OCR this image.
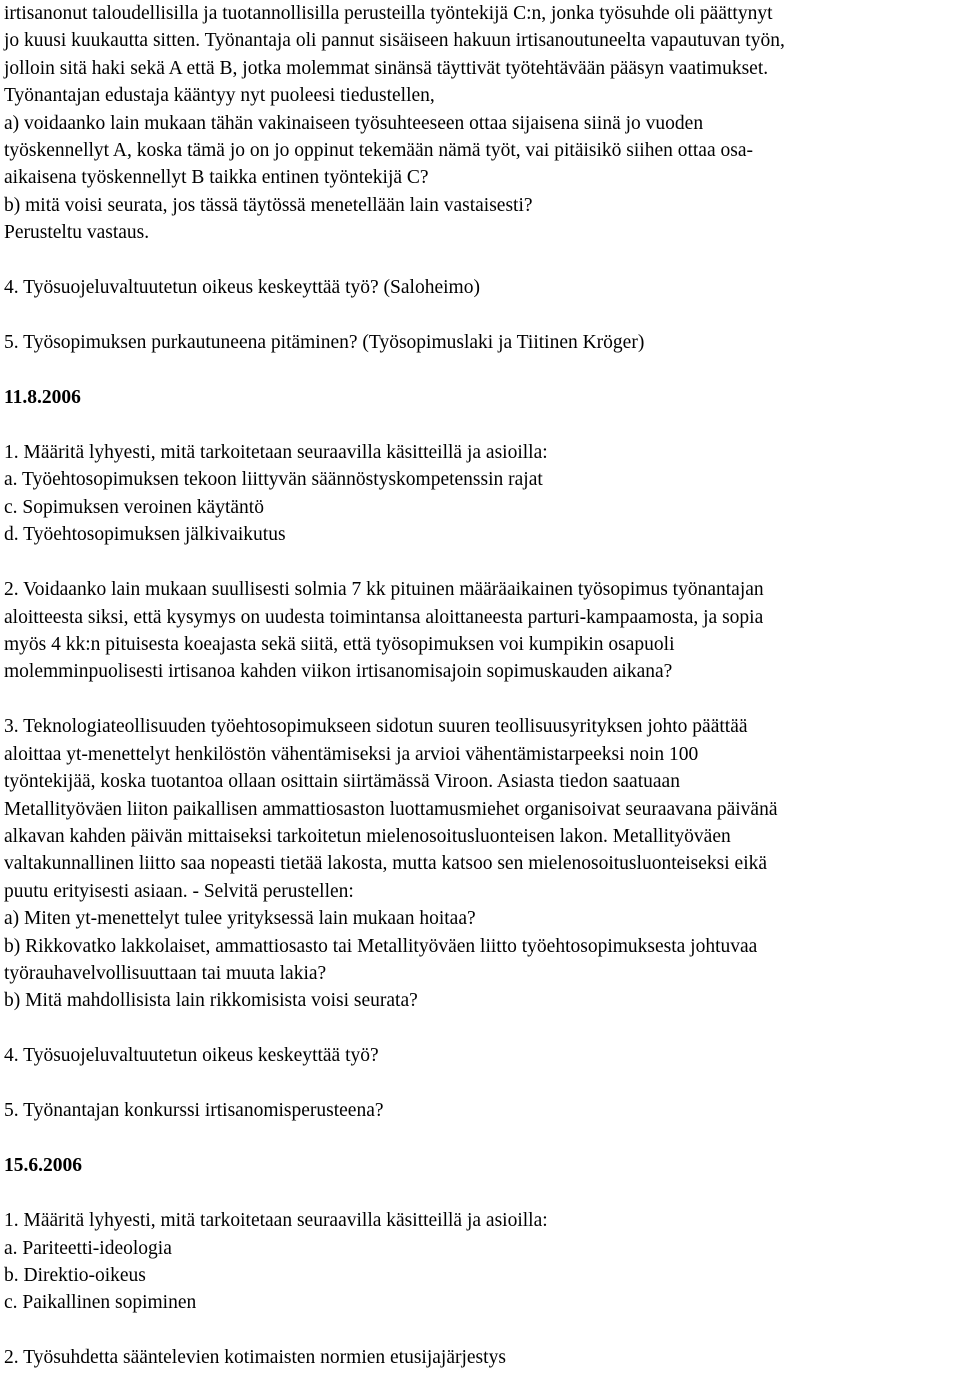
irtisanonut taloudellisilla ja tuotannollisilla perusteilla työntekijä C:n, jonka työsuhde oli päättynyt

jo kuusi kuukautta sitten. Työnantaja oli pannut sisäiseen hakuun irtisanoutuneelta vapautuvan työn,

jolloin sitä haki sekä A että B, jotka molemmat sinänsä täyttivät työtehtävään pääsyn vaatimukset.

Työnantajan edustaja kääntyy nyt puoleesi tiedustellen,

a) voidaanko lain mukaan tähän vakinaiseen työsuhteeseen ottaa sijaisena siinä jo vuoden

työskennellyt A, koska tämä jo on jo oppinut tekemään nämä työt, vai pitäisikö siihen ottaa osa-

aikaisena työskennellyt B taikka entinen työntekijä C?

b) mitä voisi seurata, jos tässä täytössä menetellään lain vastaisesti?

Perusteltu vastaus.

4. Työsuojeluvaltuutetun oikeus keskeyttää työ? (Saloheimo)

5. Työsopimuksen purkautuneena pitäminen? (Työsopimuslaki ja Tiitinen Kröger)

11.8.2006

1. Määritä lyhyesti, mitä tarkoitetaan seuraavilla käsitteillä ja asioilla:

a. Työehtosopimuksen tekoon liittyvän säännöstyskompetenssin rajat

c. Sopimuksen veroinen käytäntö

d. Työehtosopimuksen jälkivaikutus

2. Voidaanko lain mukaan suullisesti solmia 7 kk pituinen määräaikainen työsopimus työnantajan

aloitteesta siksi, että kysymys on uudesta toimintansa aloittaneesta parturi-kampaamosta, ja sopia

myös 4 kk:n pituisesta koeajasta sekä siitä, että työsopimuksen voi kumpikin osapuoli

molemminpuolisesti irtisanoa kahden viikon irtisanomisajoin sopimuskauden aikana?

3. Teknologiateollisuuden työehtosopimukseen sidotun suuren teollisuusyrityksen johto päättää

aloittaa yt-menettelyt henkilöstön vähentämiseksi ja arvioi vähentämistarpeeksi noin 100

työntekijää, koska tuotantoa ollaan osittain siirtämässä Viroon. Asiasta tiedon saatuaan

Metallityöväen liiton paikallisen ammattiosaston luottamusmiehet organisoivat seuraavana päivänä

alkavan kahden päivän mittaiseksi tarkoitetun mielenosoitusluonteisen lakon. Metallityöväen

valtakunnallinen liitto saa nopeasti tietää lakosta, mutta katsoo sen mielenosoitusluonteiseksi eikä

puutu erityisesti asiaan. - Selvitä perustellen:

a) Miten yt-menettelyt tulee yrityksessä lain mukaan hoitaa?

b) Rikkovatko lakkolaiset, ammattiosasto tai Metallityöväen liitto työehtosopimuksesta johtuvaa

työrauhavelvollisuuttaan tai muuta lakia?

b) Mitä mahdollisista lain rikkomisista voisi seurata?

4. Työsuojeluvaltuutetun oikeus keskeyttää työ?

5. Työnantajan konkurssi irtisanomisperusteena?

15.6.2006

1. Määritä lyhyesti, mitä tarkoitetaan seuraavilla käsitteillä ja asioilla:

a. Pariteetti-ideologia

b. Direktio-oikeus

c. Paikallinen sopiminen

2. Työsuhdetta sääntelevien kotimaisten normien etusijajärjestys
